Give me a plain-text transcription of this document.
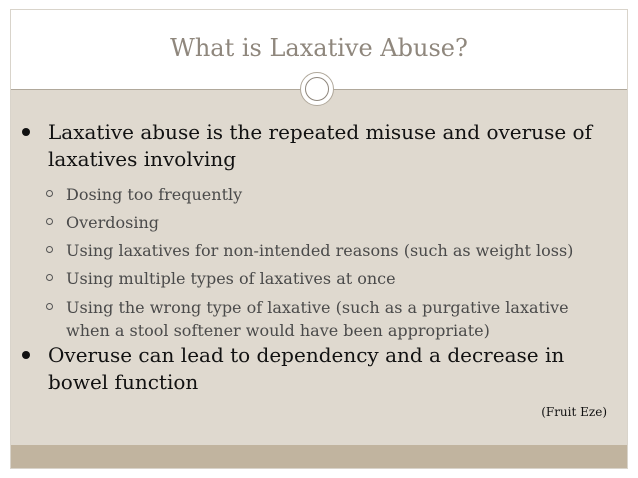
What is Laxative Abuse?
Laxative abuse is the repeated misuse and overuse of laxatives involving
Dosing too frequently
Overdosing
Using laxatives for non-intended reasons (such as weight loss)
Using multiple types of laxatives at once
Using the wrong type of laxative (such as a purgative laxative when a stool softener would have been appropriate)
Overuse can lead to dependency and a decrease in bowel function
(Fruit Eze)
